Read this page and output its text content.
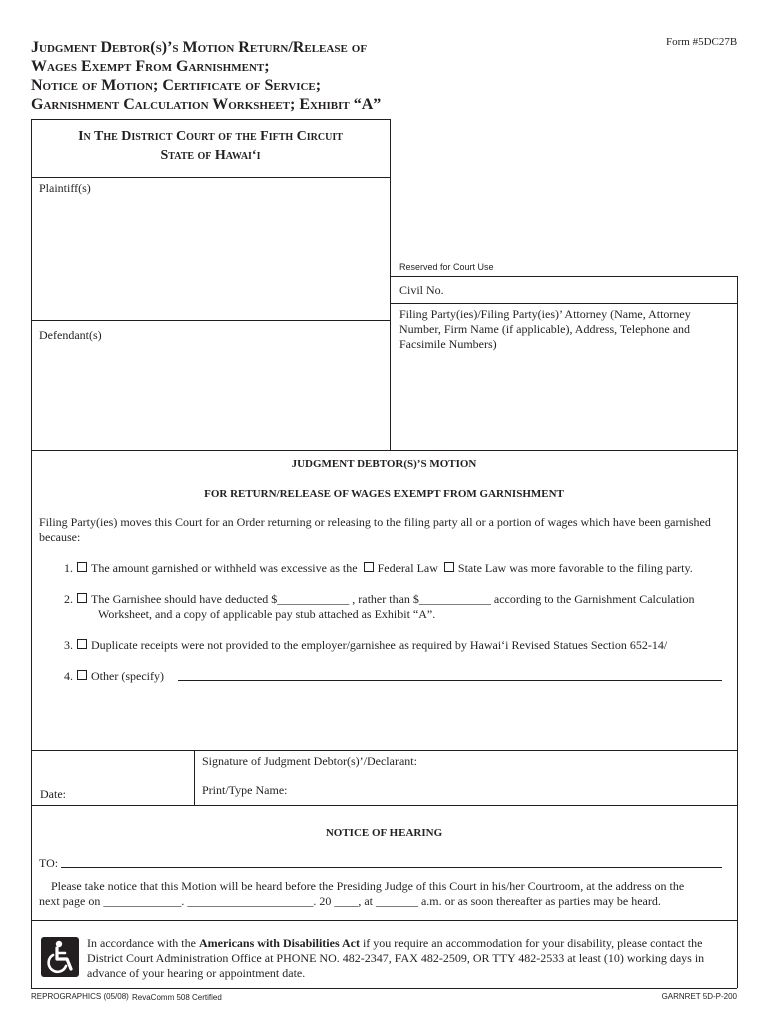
Form #5DC27B
Judgment Debtor(s)’s Motion Return/Release of
Wages Exempt From Garnishment;
Notice of Motion; Certificate of Service;
Garnishment Calculation Worksheet; Exhibit “A”
In The District Court of the Fifth Circuit
State of Hawai‘i
Plaintiff(s)
Defendant(s)
Reserved for Court Use
Civil No.
Filing Party(ies)/Filing Party(ies)’ Attorney (Name, Attorney Number, Firm Name (if applicable), Address, Telephone and Facsimile Numbers)
JUDGMENT DEBTOR(S)’S MOTION
FOR RETURN/RELEASE OF WAGES EXEMPT FROM GARNISHMENT
Filing Party(ies) moves this Court for an Order returning or releasing to the filing party all or a portion of wages which have been garnished because:
1. The amount garnished or withheld was excessive as the Federal Law State Law was more favorable to the filing party.
2. The Garnishee should have deducted $____________ , rather than $____________ according to the Garnishment Calculation
Worksheet, and a copy of applicable pay stub attached as Exhibit “A”.
3. Duplicate receipts were not provided to the employer/garnishee as required by Hawai‘i Revised Statues Section 652-14/
4. Other (specify)
Signature of Judgment Debtor(s)’/Declarant:
Print/Type Name:
Date:
NOTICE OF HEARING
TO:
Please take notice that this Motion will be heard before the Presiding Judge of this Court in his/her Courtroom, at the address on the
next page on _____________. _____________________. 20 ____, at _______ a.m. or as soon thereafter as parties may be heard.
In accordance with the Americans with Disabilities Act if you require an accommodation for your disability, please contact the
District Court Administration Office at PHONE NO. 482-2347, FAX 482-2509, OR TTY 482-2533 at least (10) working days in
advance of your hearing or appointment date.
REPROGRAPHICS (05/08) RevaComm 508 Certified	GARNRET 5D-P-200
